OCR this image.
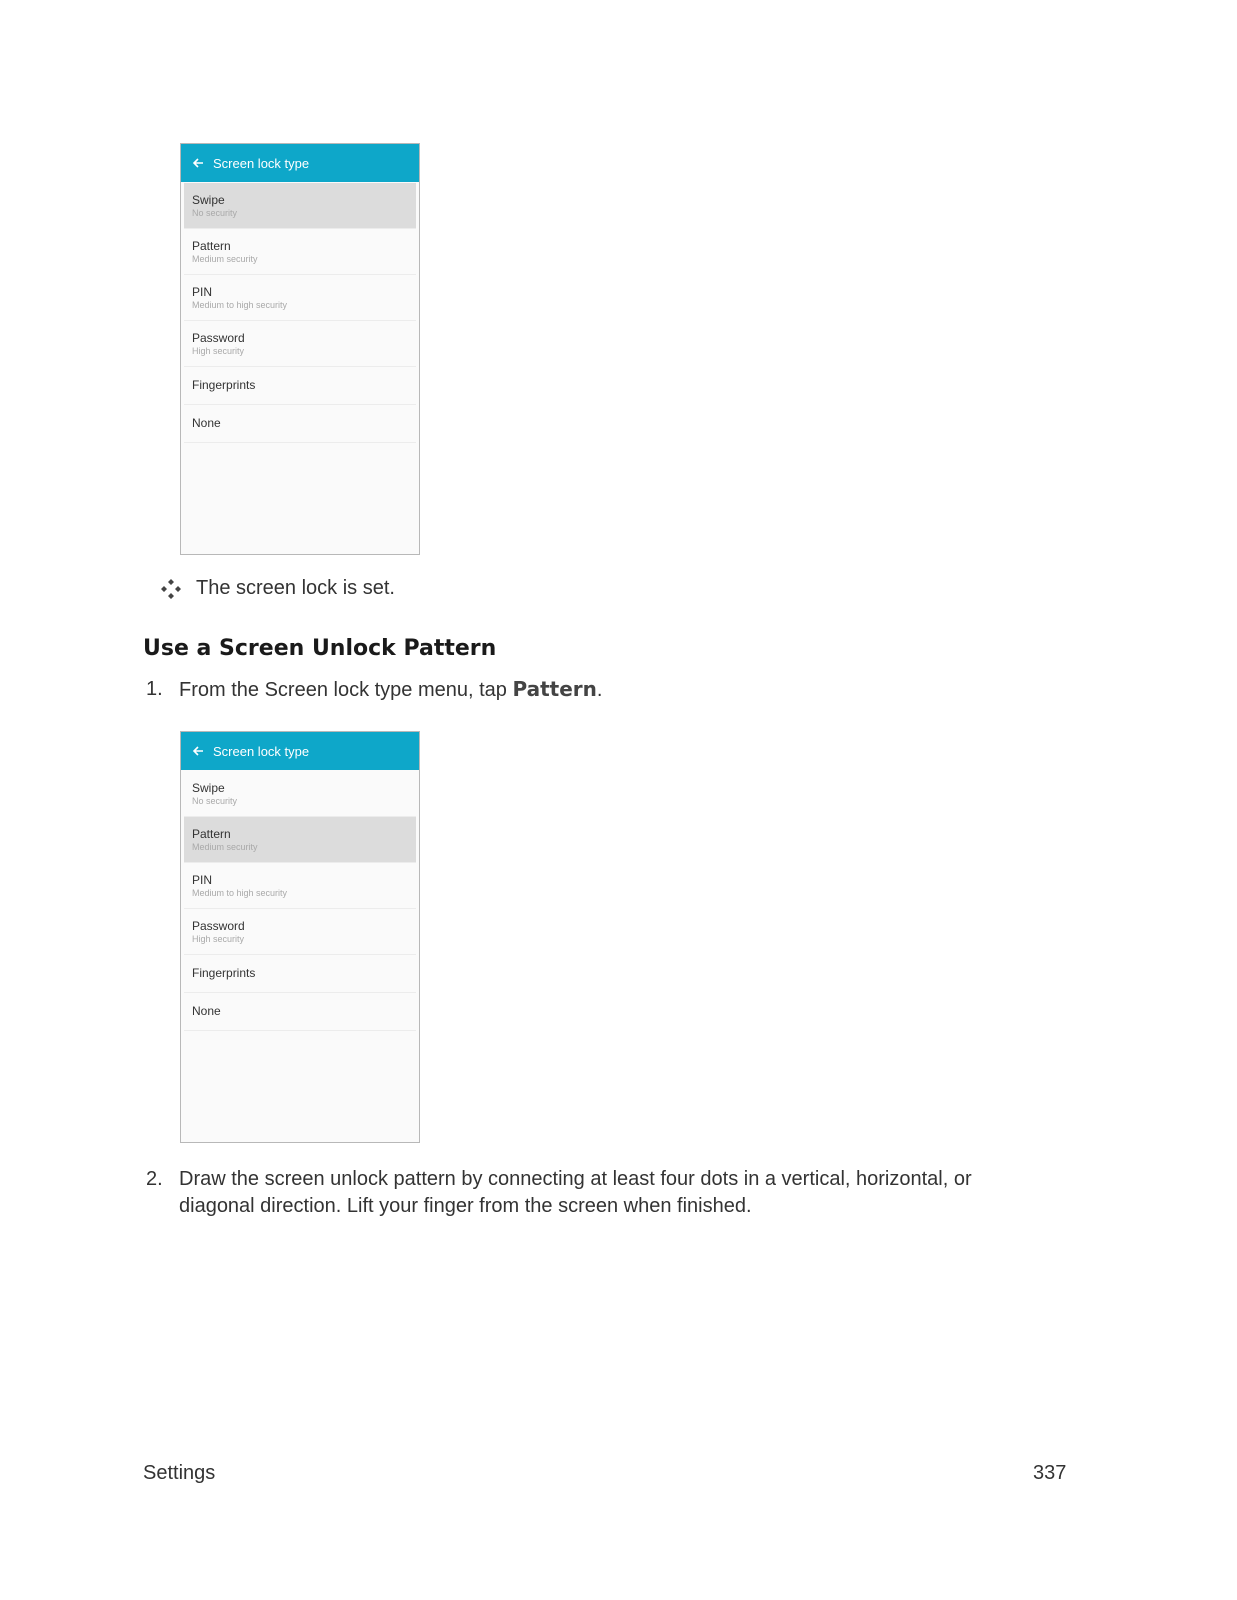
Screen lock type
Swipe
No security
Pattern
Medium security
PIN
Medium to high security
Password
High security
Fingerprints
None
The screen lock is set.
Use a Screen Unlock Pattern
1. From the Screen lock type menu, tap Pattern.
Screen lock type
Swipe
No security
Pattern
Medium security
PIN
Medium to high security
Password
High security
Fingerprints
None
2. Draw the screen unlock pattern by connecting at least four dots in a vertical, horizontal, or diagonal direction. Lift your finger from the screen when finished.
Settings	337
